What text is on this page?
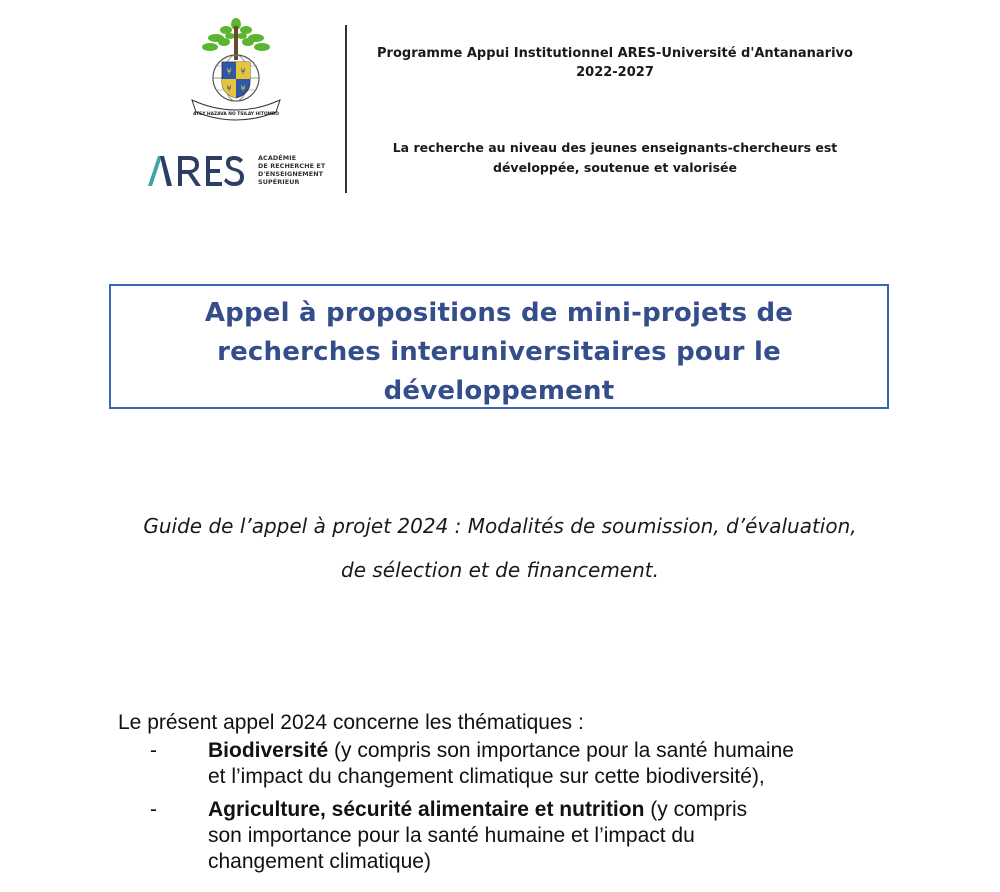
¥ ¥
¥ ¥
ATSY HAZAVA NO TSILAY HITOMBO
ACADÉMIE
DE RECHERCHE ET
D'ENSEIGNEMENT
SUPÉRIEUR
Programme Appui Institutionnel ARES-Université d'Antananarivo
2022-2027
La recherche au niveau des jeunes enseignants-chercheurs est
développée, soutenue et valorisée
Appel à propositions de mini-projets de
recherches interuniversitaires pour le
développement
Guide de l’appel à projet 2024 : Modalités de soumission, d’évaluation,
de sélection et de financement.
Le présent appel 2024 concerne les thématiques :
- Biodiversité (y compris son importance pour la santé humaine
et l’impact du changement climatique sur cette biodiversité),
- Agriculture, sécurité alimentaire et nutrition (y compris
son importance pour la santé humaine et l’impact du
changement climatique)
